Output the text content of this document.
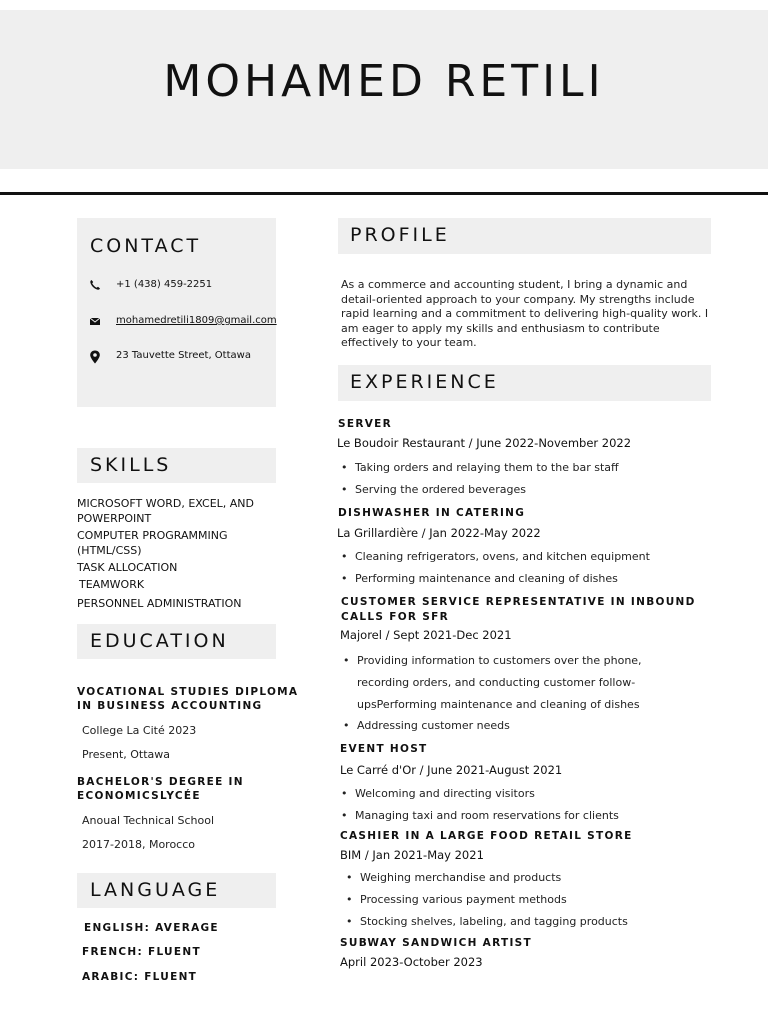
MOHAMED RETILI
CONTACT
+1 (438) 459-2251
mohamedretili1809@gmail.com
23 Tauvette Street, Ottawa
SKILLS
MICROSOFT WORD, EXCEL, AND POWERPOINT
COMPUTER PROGRAMMING (HTML/CSS)
TASK ALLOCATION
TEAMWORK
PERSONNEL ADMINISTRATION
EDUCATION
VOCATIONAL STUDIES DIPLOMA IN BUSINESS ACCOUNTING
College La Cité 2023
Present, Ottawa
BACHELOR'S DEGREE IN ECONOMICSLYCÉE
Anoual Technical School
2017-2018, Morocco
LANGUAGE
ENGLISH: AVERAGE
FRENCH: FLUENT
ARABIC: FLUENT
PROFILE
As a commerce and accounting student, I bring a dynamic and detail-oriented approach to your company. My strengths include rapid learning and a commitment to delivering high-quality work. I am eager to apply my skills and enthusiasm to contribute effectively to your team.
EXPERIENCE
SERVER
Le Boudoir Restaurant / June 2022-November 2022
• Taking orders and relaying them to the bar staff
• Serving the ordered beverages
DISHWASHER IN CATERING
La Grillardière / Jan 2022-May 2022
• Cleaning refrigerators, ovens, and kitchen equipment
• Performing maintenance and cleaning of dishes
CUSTOMER SERVICE REPRESENTATIVE IN INBOUND CALLS FOR SFR
Majorel / Sept 2021-Dec 2021
• Providing information to customers over the phone, recording orders, and conducting customer follow-upsPerforming maintenance and cleaning of dishes
• Addressing customer needs
EVENT HOST
Le Carré d'Or / June 2021-August 2021
• Welcoming and directing visitors
• Managing taxi and room reservations for clients
CASHIER IN A LARGE FOOD RETAIL STORE
BIM / Jan 2021-May 2021
• Weighing merchandise and products
• Processing various payment methods
• Stocking shelves, labeling, and tagging products
SUBWAY SANDWICH ARTIST
April 2023-October 2023
